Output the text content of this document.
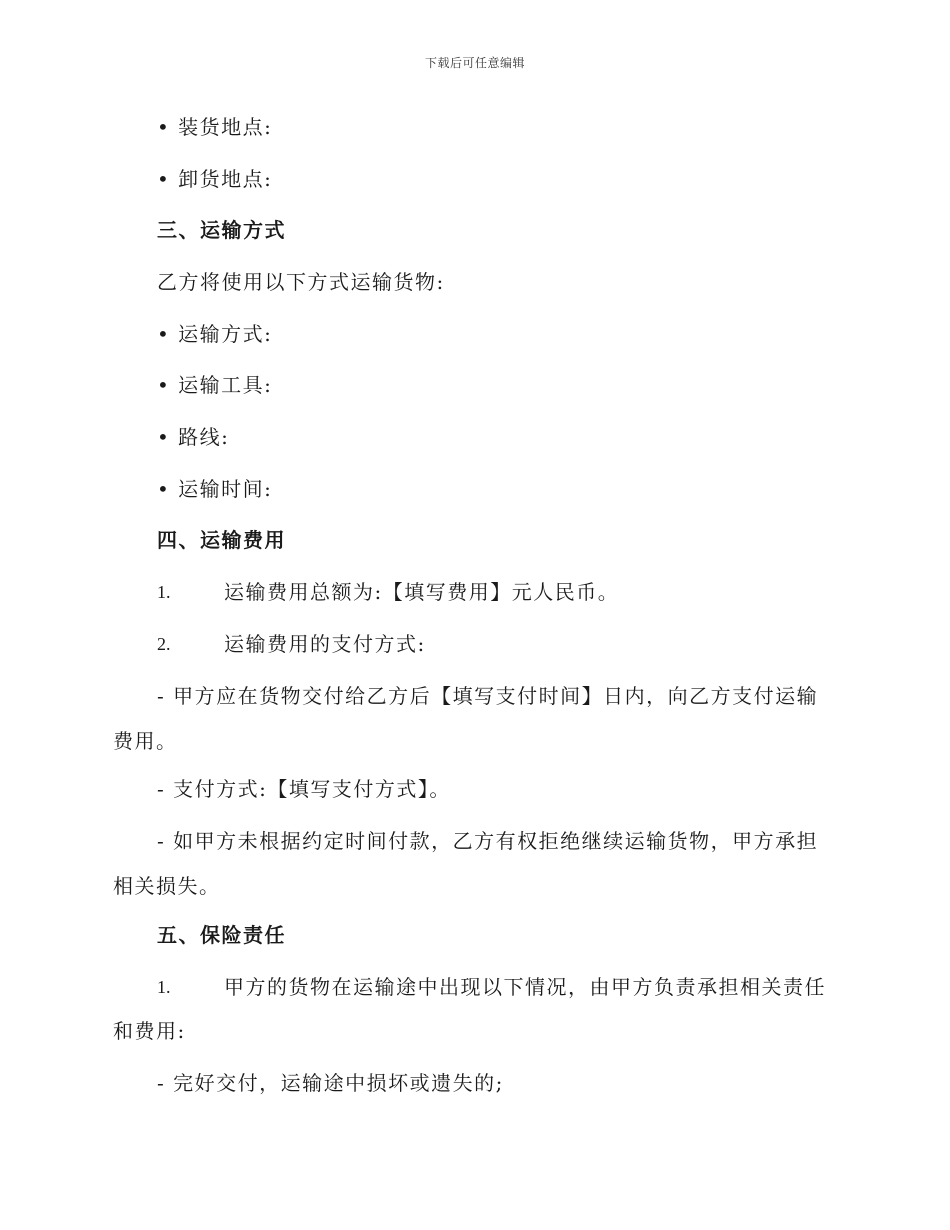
下载后可任意编辑
• 装货地点:
• 卸货地点:
三、运输方式
乙方将使用以下方式运输货物:
• 运输方式:
• 运输工具:
• 路线:
• 运输时间:
四、运输费用
1.	运输费用总额为:【填写费用】元人民币。
2.	运输费用的支付方式:
- 甲方应在货物交付给乙方后【填写支付时间】日内，向乙方支付运输
费用。
- 支付方式:【填写支付方式】。
- 如甲方未根据约定时间付款，乙方有权拒绝继续运输货物，甲方承担
相关损失。
五、保险责任
1.	甲方的货物在运输途中出现以下情况，由甲方负责承担相关责任
和费用:
- 完好交付，运输途中损坏或遗失的;
